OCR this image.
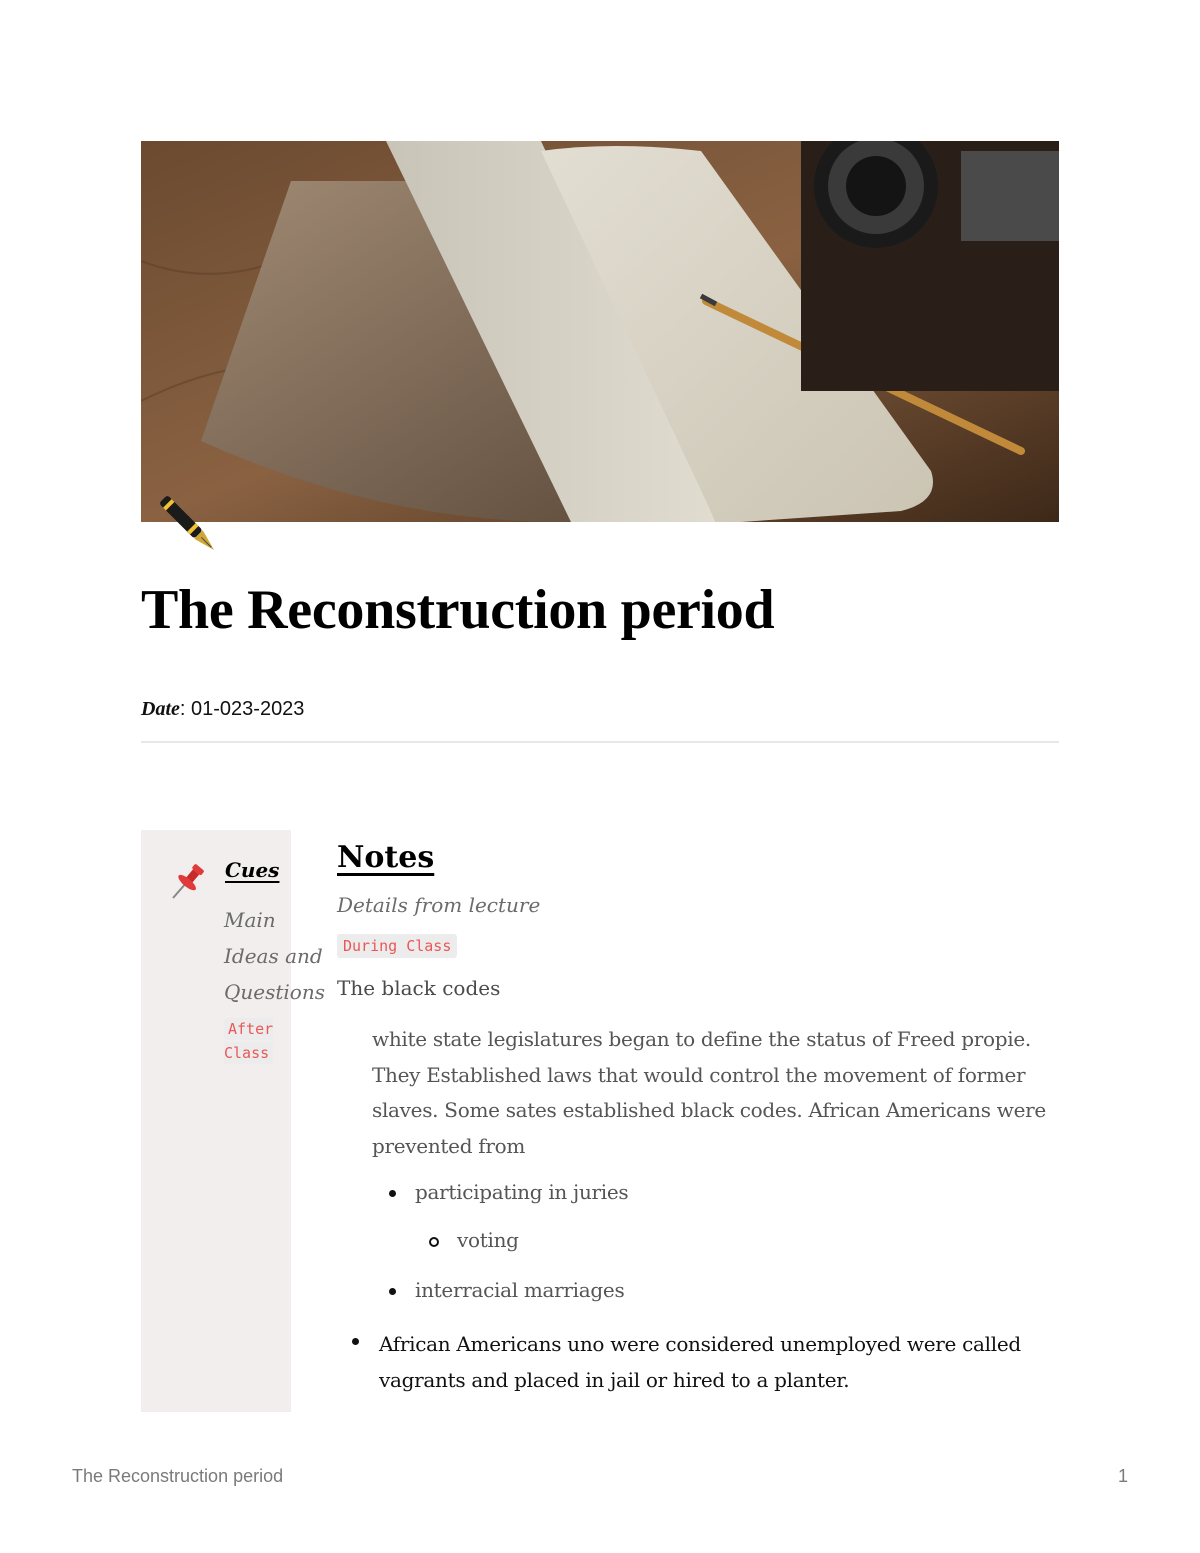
The Reconstruction period
Date: 01-023-2023
Cues
Main Ideas and Questions
After Class
Notes
Details from lecture
During Class
The black codes
white state legislatures began to define the status of Freed propie. They Established laws that would control the movement of former slaves. Some sates established black codes. African Americans were prevented from
participating in juries
voting
interracial marriages
African Americans uno were considered unemployed were called vagrants and placed in jail or hired to a planter.
The Reconstruction period	1
